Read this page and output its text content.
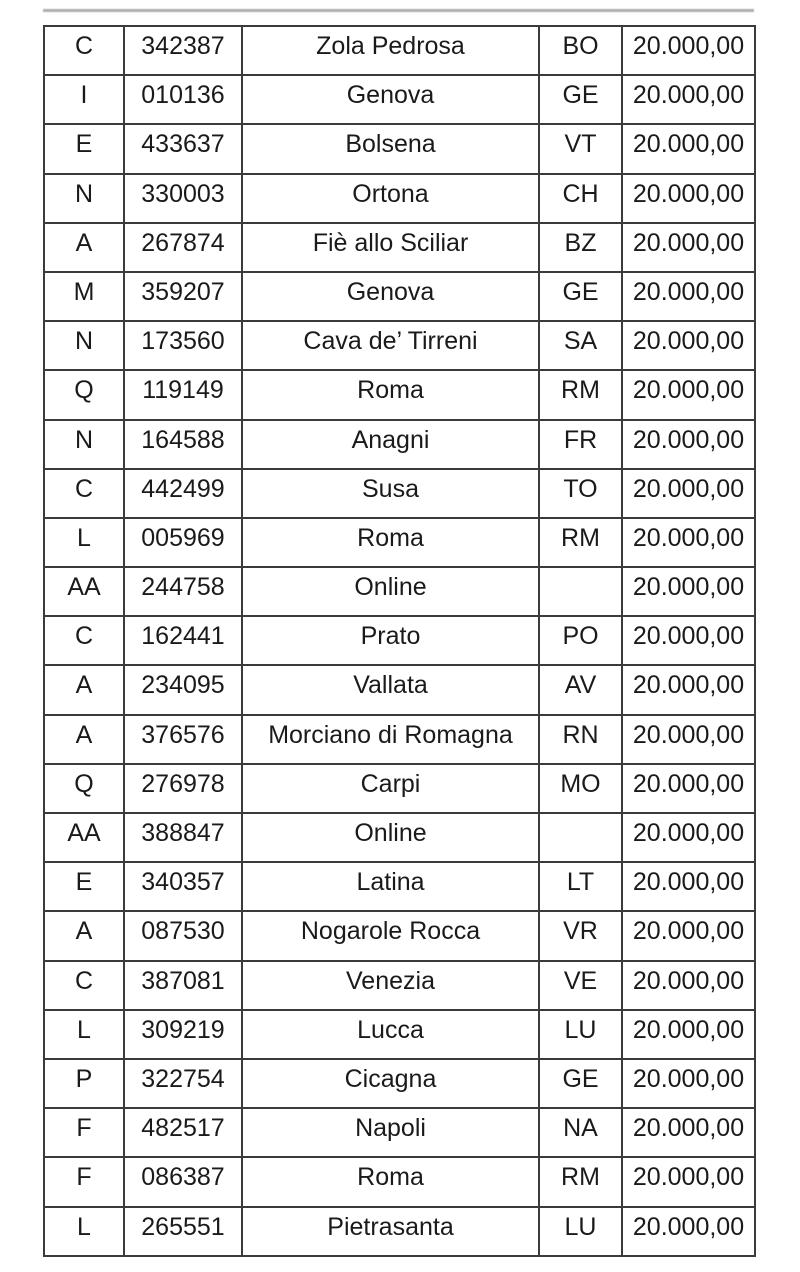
C	342387	Zola Pedrosa	BO	20.000,00
I	010136	Genova	GE	20.000,00
E	433637	Bolsena	VT	20.000,00
N	330003	Ortona	CH	20.000,00
A	267874	Fiè allo Sciliar	BZ	20.000,00
M	359207	Genova	GE	20.000,00
N	173560	Cava de’ Tirreni	SA	20.000,00
Q	119149	Roma	RM	20.000,00
N	164588	Anagni	FR	20.000,00
C	442499	Susa	TO	20.000,00
L	005969	Roma	RM	20.000,00
AA	244758	Online		20.000,00
C	162441	Prato	PO	20.000,00
A	234095	Vallata	AV	20.000,00
A	376576	Morciano di Romagna	RN	20.000,00
Q	276978	Carpi	MO	20.000,00
AA	388847	Online		20.000,00
E	340357	Latina	LT	20.000,00
A	087530	Nogarole Rocca	VR	20.000,00
C	387081	Venezia	VE	20.000,00
L	309219	Lucca	LU	20.000,00
P	322754	Cicagna	GE	20.000,00
F	482517	Napoli	NA	20.000,00
F	086387	Roma	RM	20.000,00
L	265551	Pietrasanta	LU	20.000,00
